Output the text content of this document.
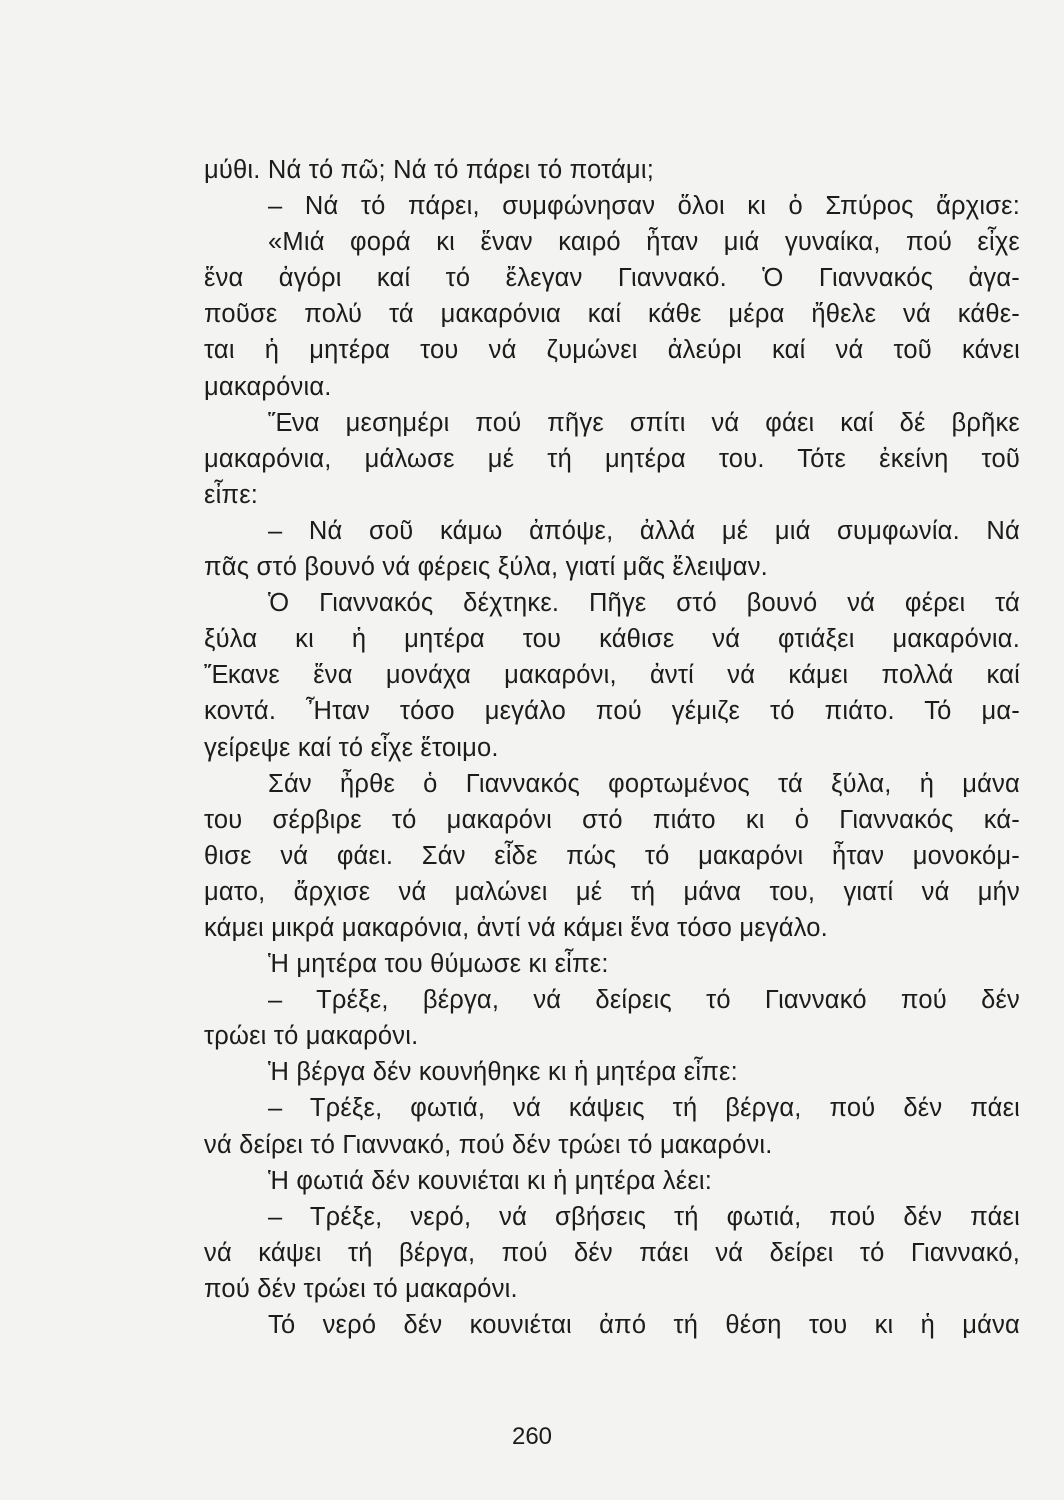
μύθι. Νά τό πῶ; Νά τό πάρει τό ποτάμι;
– Νά τό πάρει, συμφώνησαν ὅλοι κι ὁ Σπύρος ἄρχισε:
«Μιά φορά κι ἕναν καιρό ἦταν μιά γυναίκα, πού εἶχε
ἕνα ἀγόρι καί τό ἔλεγαν Γιαννακό. Ὁ Γιαννακός ἀγα-
ποῦσε πολύ τά μακαρόνια καί κάθε μέρα ἤθελε νά κάθε-
ται ἡ μητέρα του νά ζυμώνει ἀλεύρι καί νά τοῦ κάνει
μακαρόνια.
Ἕνα μεσημέρι πού πῆγε σπίτι νά φάει καί δέ βρῆκε
μακαρόνια, μάλωσε μέ τή μητέρα του. Τότε ἐκείνη τοῦ
εἶπε:
– Νά σοῦ κάμω ἀπόψε, ἀλλά μέ μιά συμφωνία. Νά
πᾶς στό βουνό νά φέρεις ξύλα, γιατί μᾶς ἔλειψαν.
Ὁ Γιαννακός δέχτηκε. Πῆγε στό βουνό νά φέρει τά
ξύλα κι ἡ μητέρα του κάθισε νά φτιάξει μακαρόνια.
Ἔκανε ἕνα μονάχα μακαρόνι, ἀντί νά κάμει πολλά καί
κοντά. Ἦταν τόσο μεγάλο πού γέμιζε τό πιάτο. Τό μα-
γείρεψε καί τό εἶχε ἕτοιμο.
Σάν ἦρθε ὁ Γιαννακός φορτωμένος τά ξύλα, ἡ μάνα
του σέρβιρε τό μακαρόνι στό πιάτο κι ὁ Γιαννακός κά-
θισε νά φάει. Σάν εἶδε πώς τό μακαρόνι ἦταν μονοκόμ-
ματο, ἄρχισε νά μαλώνει μέ τή μάνα του, γιατί νά μήν
κάμει μικρά μακαρόνια, ἀντί νά κάμει ἕνα τόσο μεγάλο.
Ἡ μητέρα του θύμωσε κι εἶπε:
– Τρέξε, βέργα, νά δείρεις τό Γιαννακό πού δέν
τρώει τό μακαρόνι.
Ἡ βέργα δέν κουνήθηκε κι ἡ μητέρα εἶπε:
– Τρέξε, φωτιά, νά κάψεις τή βέργα, πού δέν πάει
νά δείρει τό Γιαννακό, πού δέν τρώει τό μακαρόνι.
Ἡ φωτιά δέν κουνιέται κι ἡ μητέρα λέει:
– Τρέξε, νερό, νά σβήσεις τή φωτιά, πού δέν πάει
νά κάψει τή βέργα, πού δέν πάει νά δείρει τό Γιαννακό,
πού δέν τρώει τό μακαρόνι.
Τό νερό δέν κουνιέται ἀπό τή θέση του κι ἡ μάνα
260
